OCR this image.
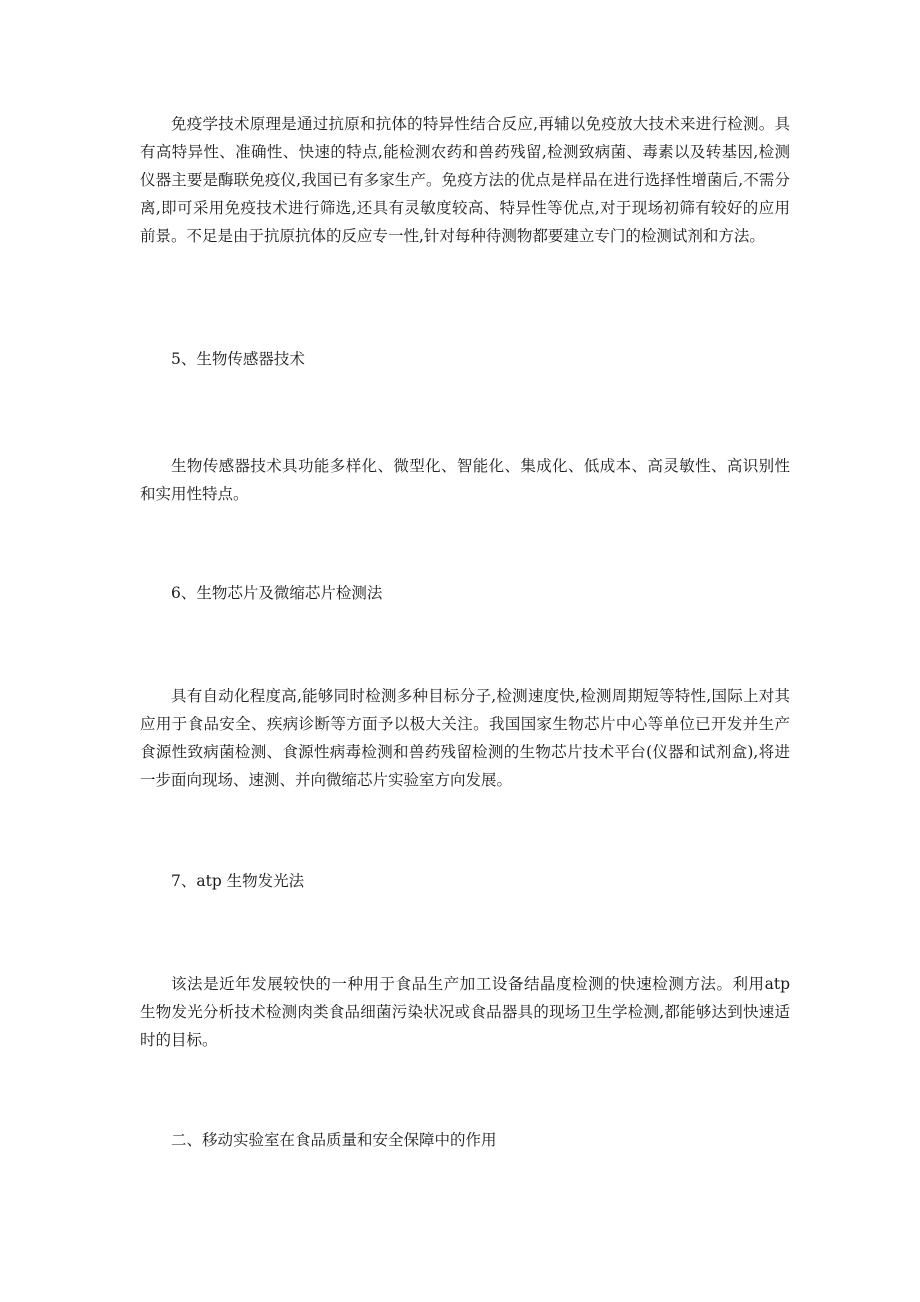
免疫学技术原理是通过抗原和抗体的特异性结合反应,再辅以免疫放大技术来进行检测。具有高特异性、准确性、快速的特点,能检测农药和兽药残留,检测致病菌、毒素以及转基因,检测仪器主要是酶联免疫仪,我国已有多家生产。免疫方法的优点是样品在进行选择性增菌后,不需分离,即可采用免疫技术进行筛选,还具有灵敏度较高、特异性等优点,对于现场初筛有较好的应用前景。不足是由于抗原抗体的反应专一性,针对每种待测物都要建立专门的检测试剂和方法。

5、生物传感器技术

生物传感器技术具功能多样化、微型化、智能化、集成化、低成本、高灵敏性、高识别性和实用性特点。

6、生物芯片及微缩芯片检测法

具有自动化程度高,能够同时检测多种目标分子,检测速度快,检测周期短等特性,国际上对其应用于食品安全、疾病诊断等方面予以极大关注。我国国家生物芯片中心等单位已开发并生产食源性致病菌检测、食源性病毒检测和兽药残留检测的生物芯片技术平台(仪器和试剂盒),将进一步面向现场、速测、并向微缩芯片实验室方向发展。

7、atp 生物发光法

该法是近年发展较快的一种用于食品生产加工设备结晶度检测的快速检测方法。利用atp 生物发光分析技术检测肉类食品细菌污染状况或食品器具的现场卫生学检测,都能够达到快速适时的目标。

二、移动实验室在食品质量和安全保障中的作用
